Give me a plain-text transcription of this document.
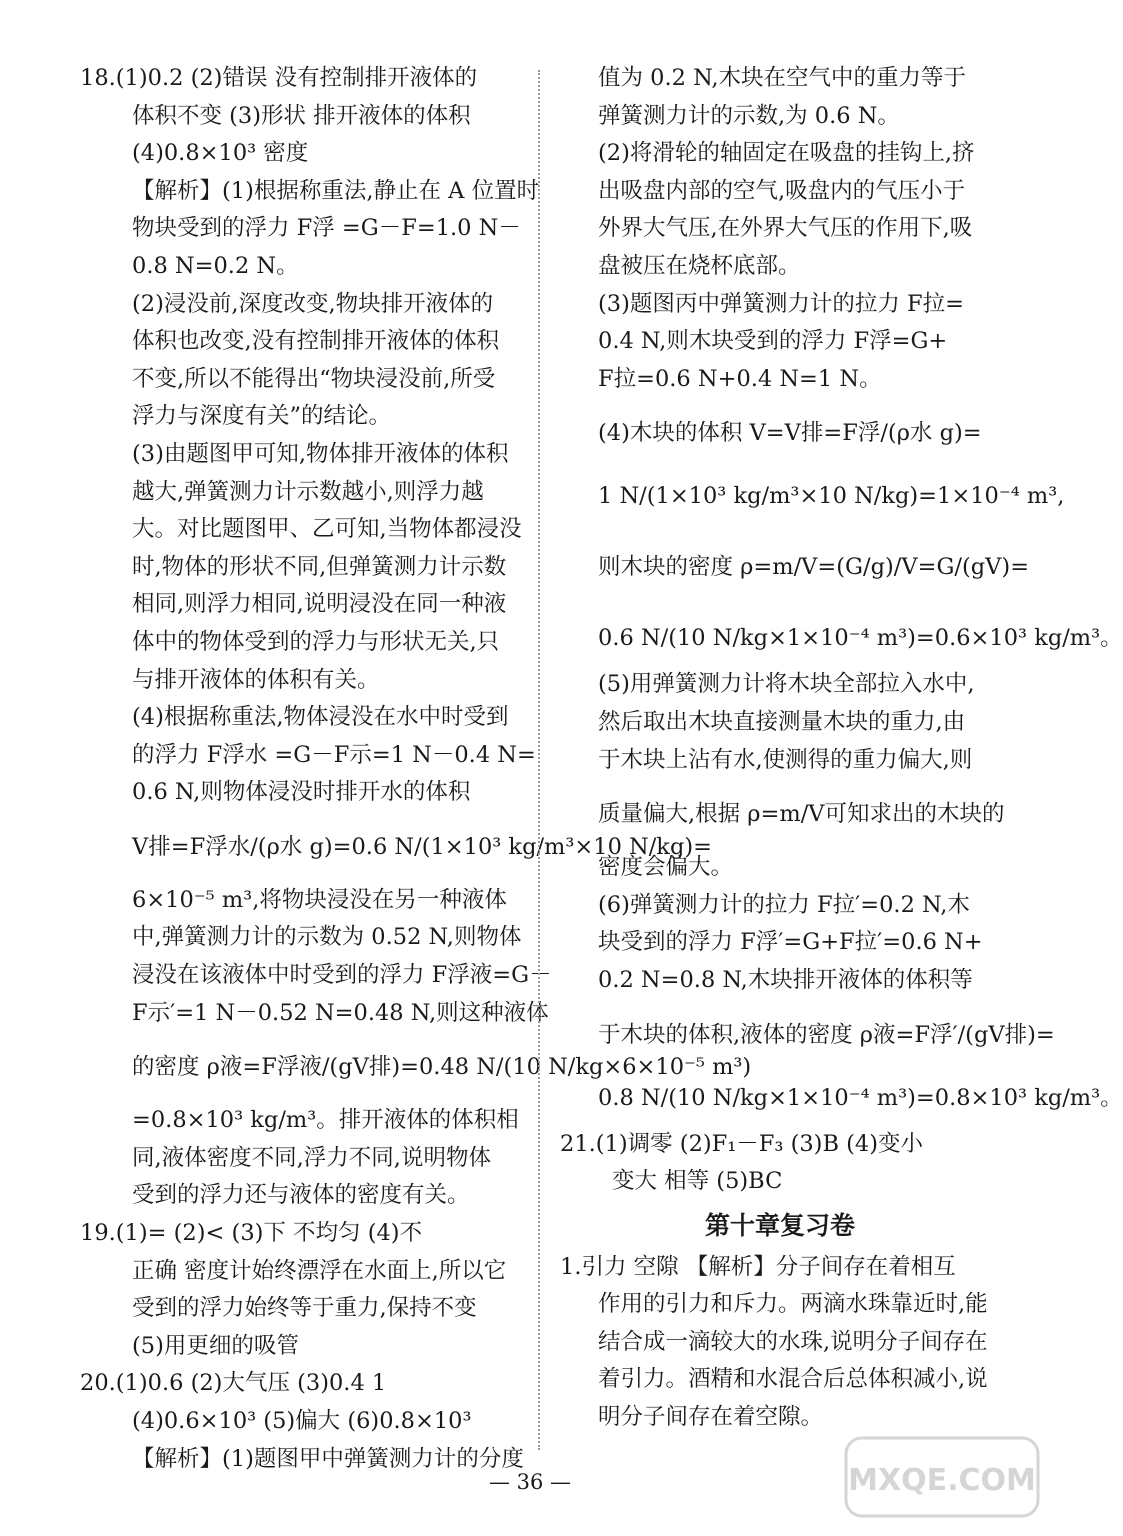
18.(1)0.2 (2)错误 没有控制排开液体的
体积不变 (3)形状 排开液体的体积
(4)0.8×10³ 密度
【解析】(1)根据称重法,静止在 A 位置时
物块受到的浮力 F浮 =G－F=1.0 N－
0.8 N=0.2 N。
(2)浸没前,深度改变,物块排开液体的
体积也改变,没有控制排开液体的体积
不变,所以不能得出“物块浸没前,所受
浮力与深度有关”的结论。
(3)由题图甲可知,物体排开液体的体积
越大,弹簧测力计示数越小,则浮力越
大。对比题图甲、乙可知,当物体都浸没
时,物体的形状不同,但弹簧测力计示数
相同,则浮力相同,说明浸没在同一种液
体中的物体受到的浮力与形状无关,只
与排开液体的体积有关。
(4)根据称重法,物体浸没在水中时受到
的浮力 F浮水 =G－F示=1 N－0.4 N=
0.6 N,则物体浸没时排开水的体积
V排=F浮水/(ρ水 g)=0.6 N/(1×10³ kg/m³×10 N/kg)=
6×10⁻⁵ m³,将物块浸没在另一种液体
中,弹簧测力计的示数为 0.52 N,则物体
浸没在该液体中时受到的浮力 F浮液=G－
F示′=1 N－0.52 N=0.48 N,则这种液体
的密度 ρ液=F浮液/(gV排)=0.48 N/(10 N/kg×6×10⁻⁵ m³)
=0.8×10³ kg/m³。排开液体的体积相
同,液体密度不同,浮力不同,说明物体
受到的浮力还与液体的密度有关。
19.(1)= (2)< (3)下 不均匀 (4)不
正确 密度计始终漂浮在水面上,所以它
受到的浮力始终等于重力,保持不变
(5)用更细的吸管
20.(1)0.6 (2)大气压 (3)0.4 1
(4)0.6×10³ (5)偏大 (6)0.8×10³
【解析】(1)题图甲中弹簧测力计的分度
值为 0.2 N,木块在空气中的重力等于
弹簧测力计的示数,为 0.6 N。
(2)将滑轮的轴固定在吸盘的挂钩上,挤
出吸盘内部的空气,吸盘内的气压小于
外界大气压,在外界大气压的作用下,吸
盘被压在烧杯底部。
(3)题图丙中弹簧测力计的拉力 F拉=
0.4 N,则木块受到的浮力 F浮=G+
F拉=0.6 N+0.4 N=1 N。
(4)木块的体积 V=V排=F浮/(ρ水 g)=
1 N/(1×10³ kg/m³×10 N/kg)=1×10⁻⁴ m³,
则木块的密度 ρ=m/V=(G/g)/V=G/(gV)=
0.6 N/(10 N/kg×1×10⁻⁴ m³)=0.6×10³ kg/m³。
(5)用弹簧测力计将木块全部拉入水中,
然后取出木块直接测量木块的重力,由
于木块上沾有水,使测得的重力偏大,则
质量偏大,根据 ρ=m/V可知求出的木块的
密度会偏大。
(6)弹簧测力计的拉力 F拉′=0.2 N,木
块受到的浮力 F浮′=G+F拉′=0.6 N+
0.2 N=0.8 N,木块排开液体的体积等
于木块的体积,液体的密度 ρ液=F浮′/(gV排)=
0.8 N/(10 N/kg×1×10⁻⁴ m³)=0.8×10³ kg/m³。
21.(1)调零 (2)F₁－F₃ (3)B (4)变小
变大 相等 (5)BC
第十章复习卷
1.引力 空隙 【解析】分子间存在着相互
作用的引力和斥力。两滴水珠靠近时,能
结合成一滴较大的水珠,说明分子间存在
着引力。酒精和水混合后总体积减小,说
明分子间存在着空隙。
— 36 —	MXQE.COM
